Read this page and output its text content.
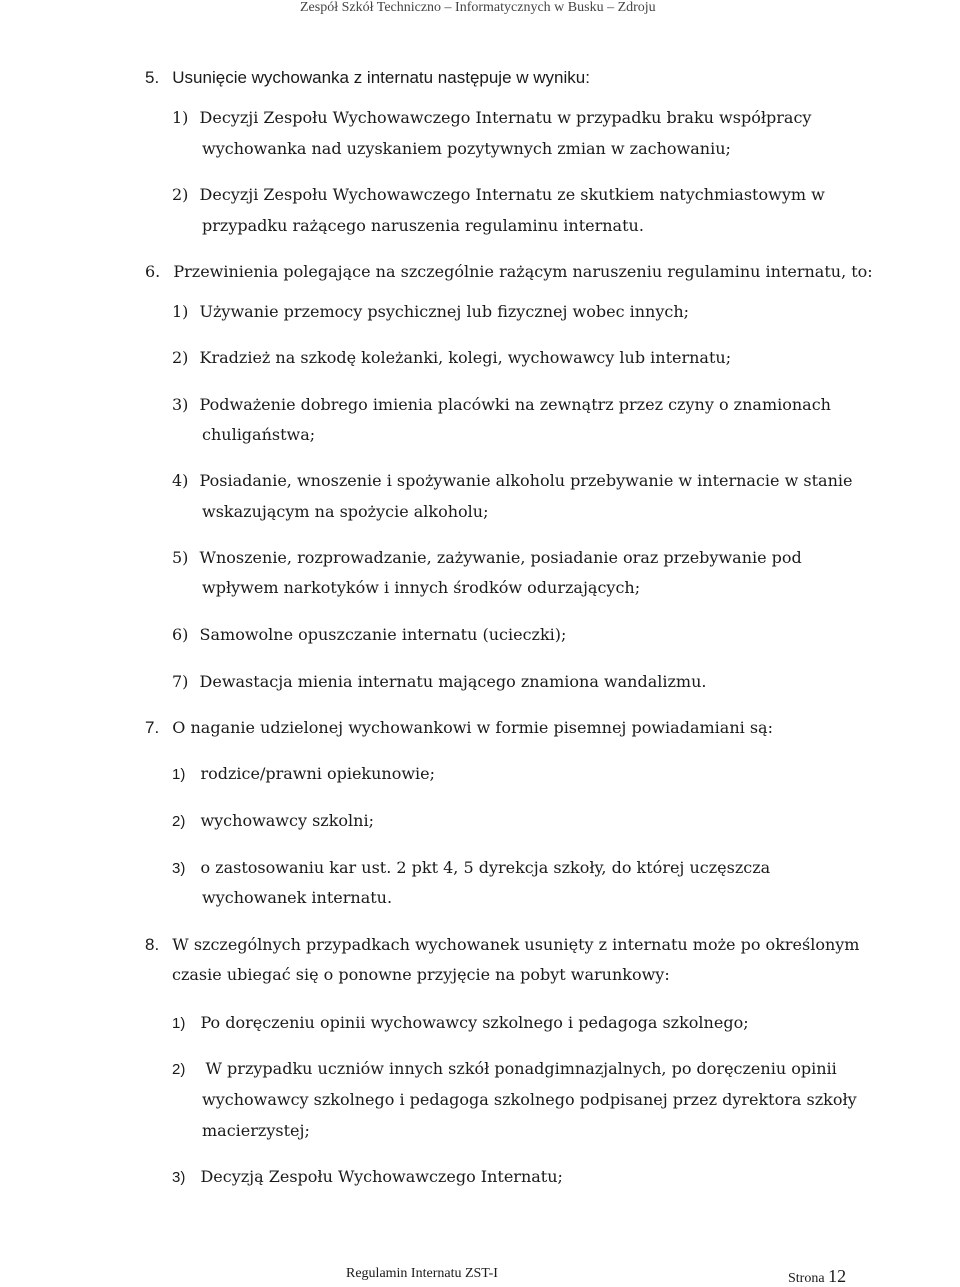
Zespół Szkół Techniczno – Informatycznych w Busku – Zdroju
5. Usunięcie wychowanka z internatu następuje w wyniku:
1) Decyzji Zespołu Wychowawczego Internatu w przypadku braku współpracy
wychowanka nad uzyskaniem pozytywnych zmian w zachowaniu;
2) Decyzji Zespołu Wychowawczego Internatu ze skutkiem natychmiastowym w
przypadku rażącego naruszenia regulaminu internatu.
6. Przewinienia polegające na szczególnie rażącym naruszeniu regulaminu internatu, to:
1) Używanie przemocy psychicznej lub fizycznej wobec innych;
2) Kradzież na szkodę koleżanki, kolegi, wychowawcy lub internatu;
3) Podważenie dobrego imienia placówki na zewnątrz przez czyny o znamionach
chuligaństwa;
4) Posiadanie, wnoszenie i spożywanie alkoholu przebywanie w internacie w stanie
wskazującym na spożycie alkoholu;
5) Wnoszenie, rozprowadzanie, zażywanie, posiadanie oraz przebywanie pod
wpływem narkotyków i innych środków odurzających;
6) Samowolne opuszczanie internatu (ucieczki);
7) Dewastacja mienia internatu mającego znamiona wandalizmu.
7. O naganie udzielonej wychowankowi w formie pisemnej powiadamiani są:
1) rodzice/prawni opiekunowie;
2) wychowawcy szkolni;
3) o zastosowaniu kar ust. 2 pkt 4, 5 dyrekcja szkoły, do której uczęszcza
wychowanek internatu.
8. W szczególnych przypadkach wychowanek usunięty z internatu może po określonym
czasie ubiegać się o ponowne przyjęcie na pobyt warunkowy:
1) Po doręczeniu opinii wychowawcy szkolnego i pedagoga szkolnego;
2)  W przypadku uczniów innych szkół ponadgimnazjalnych, po doręczeniu opinii
wychowawcy szkolnego i pedagoga szkolnego podpisanej przez dyrektora szkoły
macierzystej;
3) Decyzją Zespołu Wychowawczego Internatu;
Regulamin Internatu ZST-I	Strona 12
